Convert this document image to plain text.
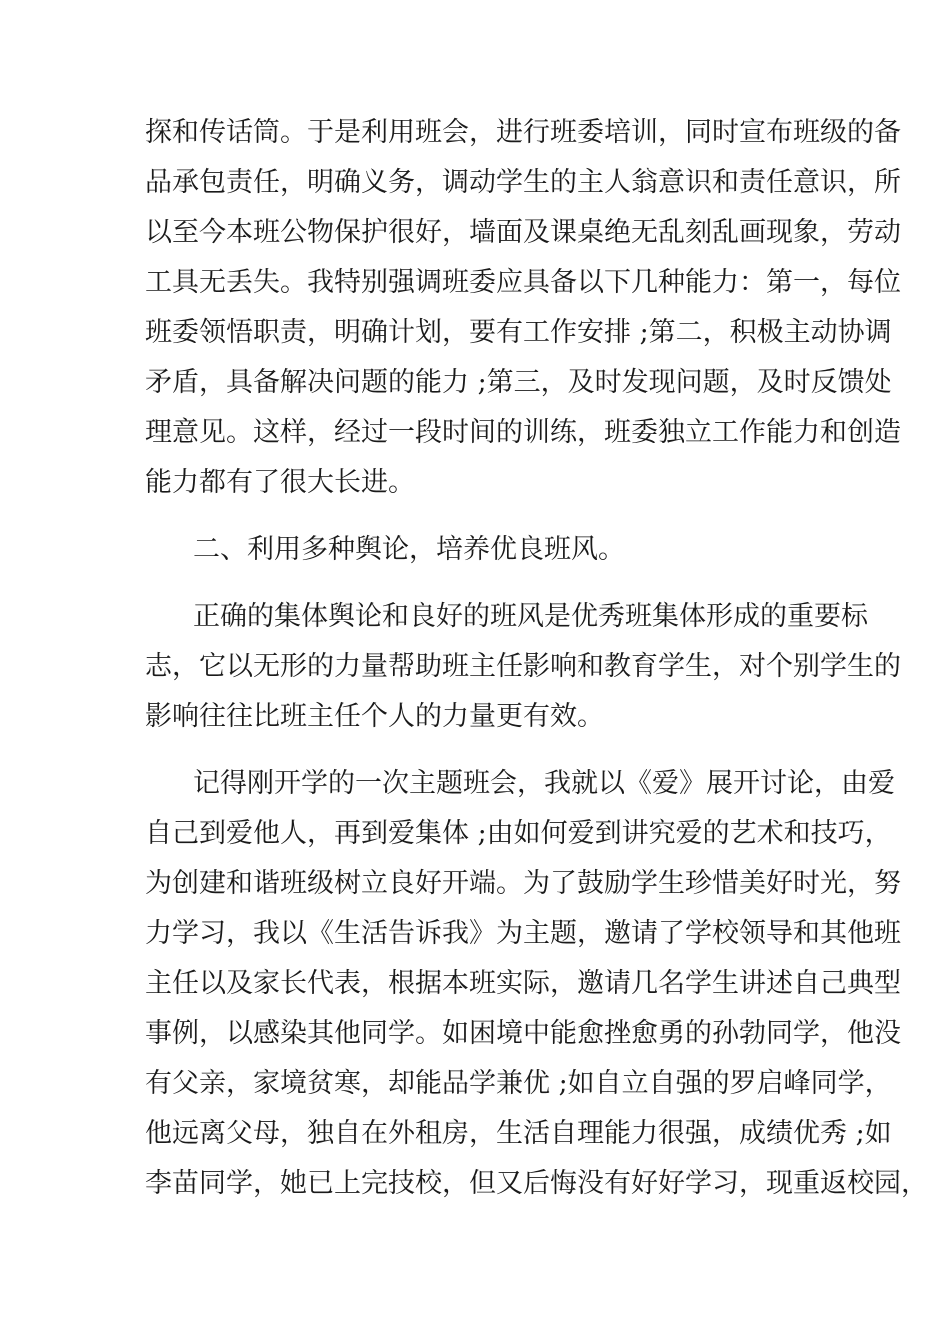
探和传话筒。于是利用班会，进行班委培训，同时宣布班级的备
品承包责任，明确义务，调动学生的主人翁意识和责任意识，所
以至今本班公物保护很好，墙面及课桌绝无乱刻乱画现象，劳动
工具无丢失。我特别强调班委应具备以下几种能力：第一，每位
班委领悟职责，明确计划，要有工作安排 ;第二，积极主动协调
矛盾，具备解决问题的能力 ;第三，及时发现问题，及时反馈处
理意见。这样，经过一段时间的训练，班委独立工作能力和创造
能力都有了很大长进。
二、利用多种舆论，培养优良班风。
正确的集体舆论和良好的班风是优秀班集体形成的重要标
志，它以无形的力量帮助班主任影响和教育学生，对个别学生的
影响往往比班主任个人的力量更有效。
记得刚开学的一次主题班会，我就以《爱》展开讨论，由爱
自己到爱他人，再到爱集体 ;由如何爱到讲究爱的艺术和技巧，
为创建和谐班级树立良好开端。为了鼓励学生珍惜美好时光，努
力学习，我以《生活告诉我》为主题，邀请了学校领导和其他班
主任以及家长代表，根据本班实际，邀请几名学生讲述自己典型
事例，以感染其他同学。如困境中能愈挫愈勇的孙勃同学，他没
有父亲，家境贫寒，却能品学兼优 ;如自立自强的罗启峰同学，
他远离父母，独自在外租房，生活自理能力很强，成绩优秀 ;如
李苗同学，她已上完技校，但又后悔没有好好学习，现重返校园，
